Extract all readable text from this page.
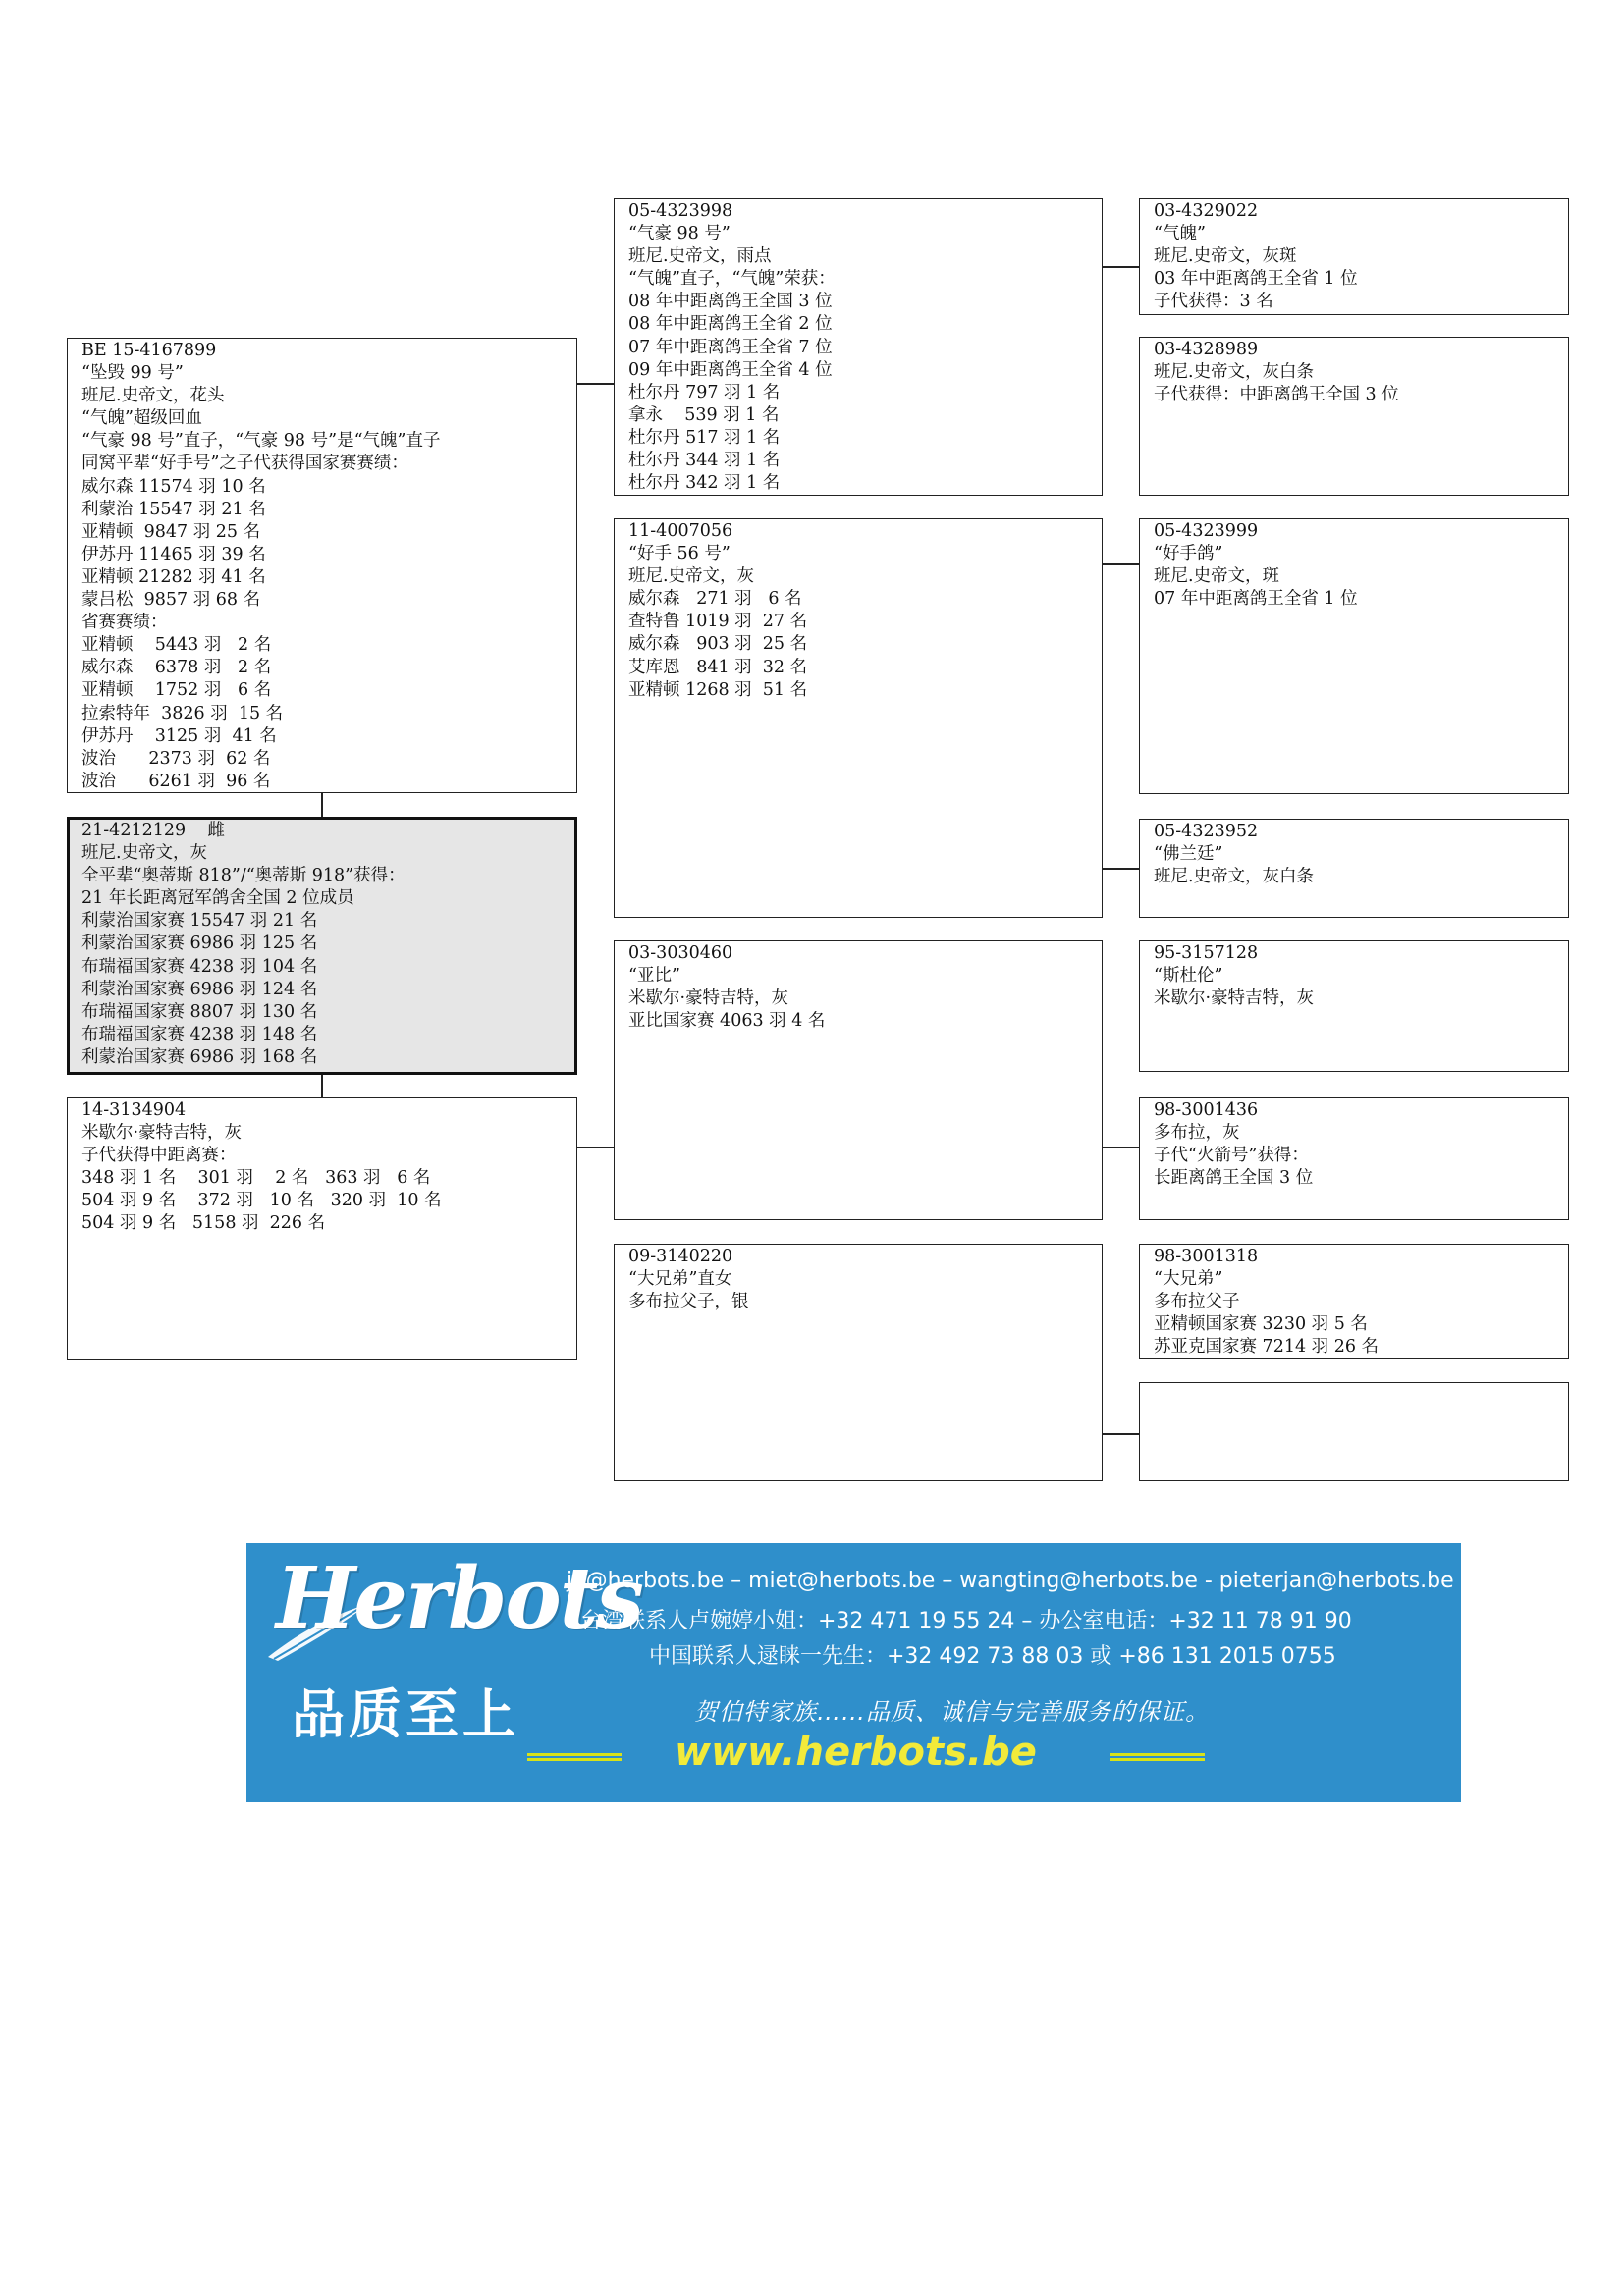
BE 15-4167899
“坠毁 99 号”
班尼.史帝文，花头
“气魄”超级回血
“气豪 98 号”直子，“气豪 98 号”是“气魄”直子
同窝平辈“好手号”之子代获得国家赛赛绩：
威尔森 11574 羽 10 名
利蒙治 15547 羽 21 名
亚精顿  9847 羽 25 名
伊苏丹 11465 羽 39 名
亚精顿 21282 羽 41 名
蒙吕松  9857 羽 68 名
省赛赛绩：
亚精顿    5443 羽   2 名
威尔森    6378 羽   2 名
亚精顿    1752 羽   6 名
拉索特年  3826 羽  15 名
伊苏丹    3125 羽  41 名
波治      2373 羽  62 名
波治      6261 羽  96 名
21-4212129    雌
班尼.史帝文，灰
全平辈“奥蒂斯 818”/“奥蒂斯 918”获得：
21 年长距离冠军鸽舍全国 2 位成员
利蒙治国家赛 15547 羽 21 名
利蒙治国家赛 6986 羽 125 名
布瑞福国家赛 4238 羽 104 名
利蒙治国家赛 6986 羽 124 名
布瑞福国家赛 8807 羽 130 名
布瑞福国家赛 4238 羽 148 名
利蒙治国家赛 6986 羽 168 名
14-3134904
米歇尔·豪特吉特，灰
子代获得中距离赛：
348 羽 1 名    301 羽    2 名   363 羽   6 名
504 羽 9 名    372 羽   10 名   320 羽  10 名
504 羽 9 名   5158 羽  226 名
05-4323998
“气豪 98 号”
班尼.史帝文，雨点
“气魄”直子，“气魄”荣获：
08 年中距离鸽王全国 3 位
08 年中距离鸽王全省 2 位
07 年中距离鸽王全省 7 位
09 年中距离鸽王全省 4 位
杜尔丹 797 羽 1 名
拿永    539 羽 1 名
杜尔丹 517 羽 1 名
杜尔丹 344 羽 1 名
杜尔丹 342 羽 1 名
11-4007056
“好手 56 号”
班尼.史帝文，灰
威尔森   271 羽   6 名
查特鲁 1019 羽  27 名
威尔森   903 羽  25 名
艾库恩   841 羽  32 名
亚精顿 1268 羽  51 名
03-3030460
“亚比”
米歇尔·豪特吉特，灰
亚比国家赛 4063 羽 4 名
09-3140220
“大兄弟”直女
多布拉父子，银
03-4329022
“气魄”
班尼.史帝文，灰斑
03 年中距离鸽王全省 1 位
子代获得：3 名
03-4328989
班尼.史帝文，灰白条
子代获得：中距离鸽王全国 3 位
05-4323999
“好手鸽”
班尼.史帝文，斑
07 年中距离鸽王全省 1 位
05-4323952
“佛兰廷”
班尼.史帝文，灰白条
95-3157128
“斯杜伦”
米歇尔·豪特吉特，灰
98-3001436
多布拉，灰
子代“火箭号”获得：
长距离鸽王全国 3 位
98-3001318
“大兄弟”
多布拉父子
亚精顿国家赛 3230 羽 5 名
苏亚克国家赛 7214 羽 26 名
Herbots
品质至上
jo@herbots.be – miet@herbots.be – wangting@herbots.be - pieterjan@herbots.be
台湾联系人卢婉婷小姐：+32 471 19 55 24 – 办公室电话：+32 11 78 91 90
中国联系人逯睐一先生：+32 492 73 88 03 或 +86 131 2015 0755
贺伯特家族……品质、诚信与完善服务的保证。
www.herbots.be
